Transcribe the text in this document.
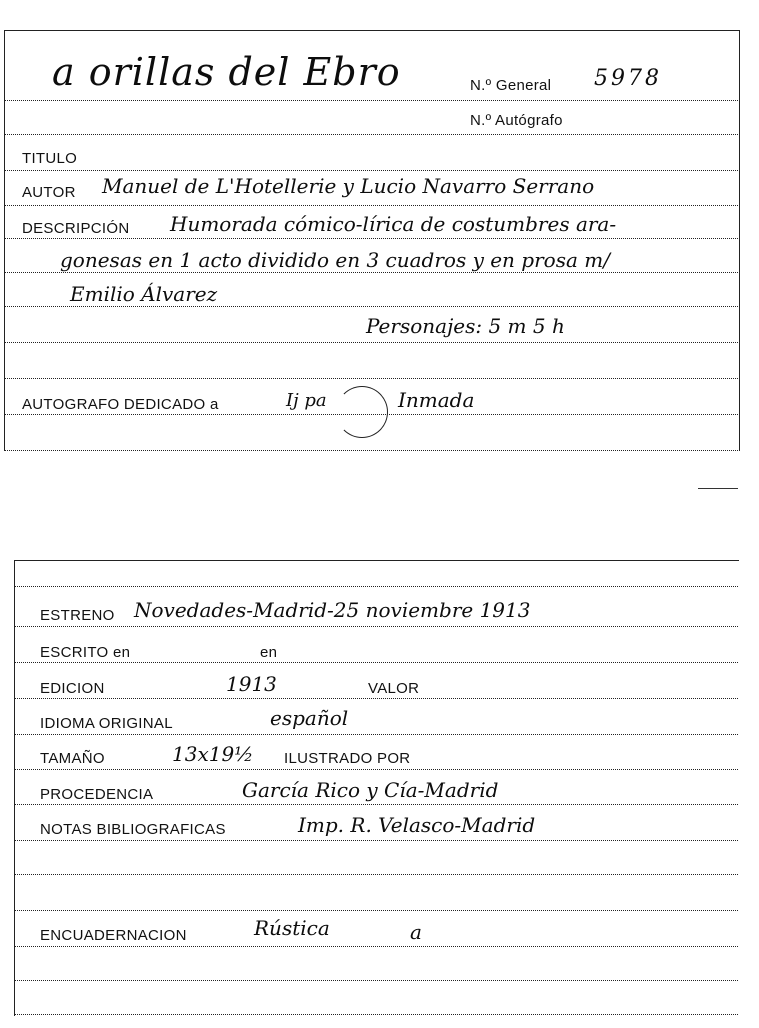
a orillas del Ebro	N.º General 5978
N.º Autógrafo
TITULO
AUTOR Manuel de L'Hotellerie y Lucio Navarro Serrano
DESCRIPCIÓN Humorada cómico-lírica de costumbres ara-
gonesas en 1 acto dividido en 3 cuadros y en prosa m/
Emilio Álvarez
Personajes: 5 m 5 h
AUTOGRAFO DEDICADO a	Ij pa	Inmada
ESTRENO Novedades-Madrid-25 noviembre 1913
ESCRITO en	en
EDICION	1913	VALOR
IDIOMA ORIGINAL	español
TAMAÑO	13x19½ ILUSTRADO POR
PROCEDENCIA	García Rico y Cía-Madrid
NOTAS BIBLIOGRAFICAS	Imp. R. Velasco-Madrid
ENCUADERNACION	Rústica	a
